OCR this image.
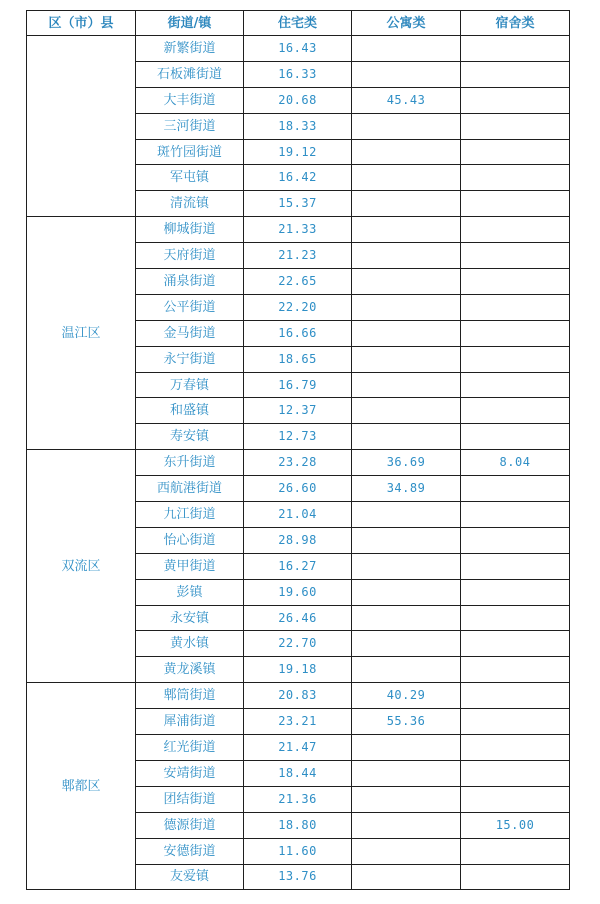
区（市）县	街道/镇	住宅类	公寓类	宿舍类
	新繁街道	16.43		
	石板滩街道	16.33		
	大丰街道	20.68	45.43	
	三河街道	18.33		
	斑竹园街道	19.12		
	军屯镇	16.42		
	清流镇	15.37		
温江区	柳城街道	21.33		
	天府街道	21.23		
	涌泉街道	22.65		
	公平街道	22.20		
	金马街道	16.66		
	永宁街道	18.65		
	万春镇	16.79		
	和盛镇	12.37		
	寿安镇	12.73		
双流区	东升街道	23.28	36.69	8.04
	西航港街道	26.60	34.89	
	九江街道	21.04		
	怡心街道	28.98		
	黄甲街道	16.27		
	彭镇	19.60		
	永安镇	26.46		
	黄水镇	22.70		
	黄龙溪镇	19.18		
郫都区	郫筒街道	20.83	40.29	
	犀浦街道	23.21	55.36	
	红光街道	21.47		
	安靖街道	18.44		
	团结街道	21.36		
	德源街道	18.80		15.00
	安德街道	11.60		
	友爱镇	13.76		
